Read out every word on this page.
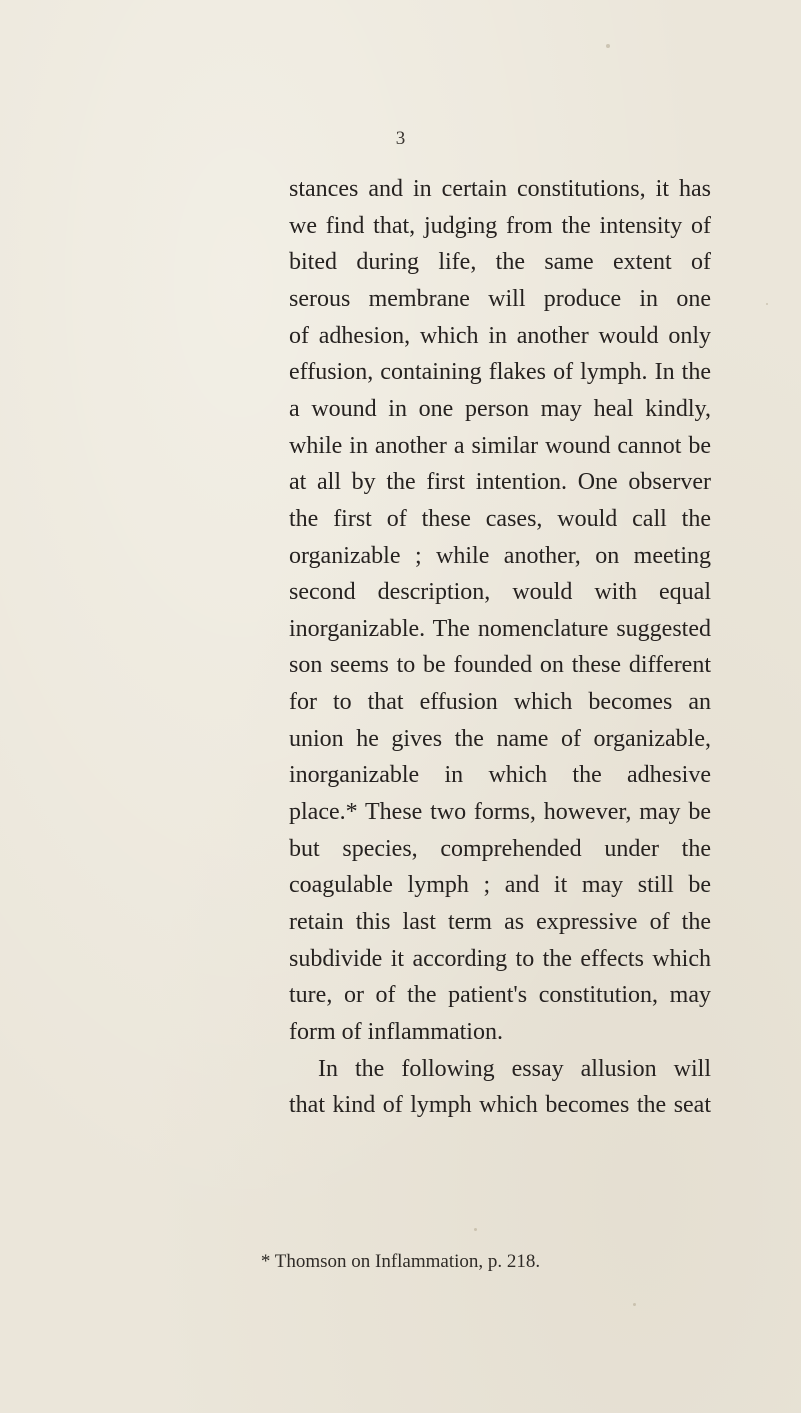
3
stances and in certain constitutions, it has
we find that, judging from the intensity of
bited during life, the same extent of
serous membrane will produce in one
of adhesion, which in another would only
effusion, containing flakes of lymph. In the
a wound in one person may heal kindly,
while in another a similar wound cannot be
at all by the first intention. One observer
the first of these cases, would call the
organizable ; while another, on meeting
second description, would with equal
inorganizable. The nomenclature suggested
son seems to be founded on these different
for to that effusion which becomes an
union he gives the name of organizable,
inorganizable in which the adhesive
place.* These two forms, however, may be
but species, comprehended under the
coagulable lymph ; and it may still be
retain this last term as expressive of the
subdivide it according to the effects which
ture, or of the patient's constitution, may
form of inflammation.
In the following essay allusion will
that kind of lymph which becomes the seat
* Thomson on Inflammation, p. 218.
